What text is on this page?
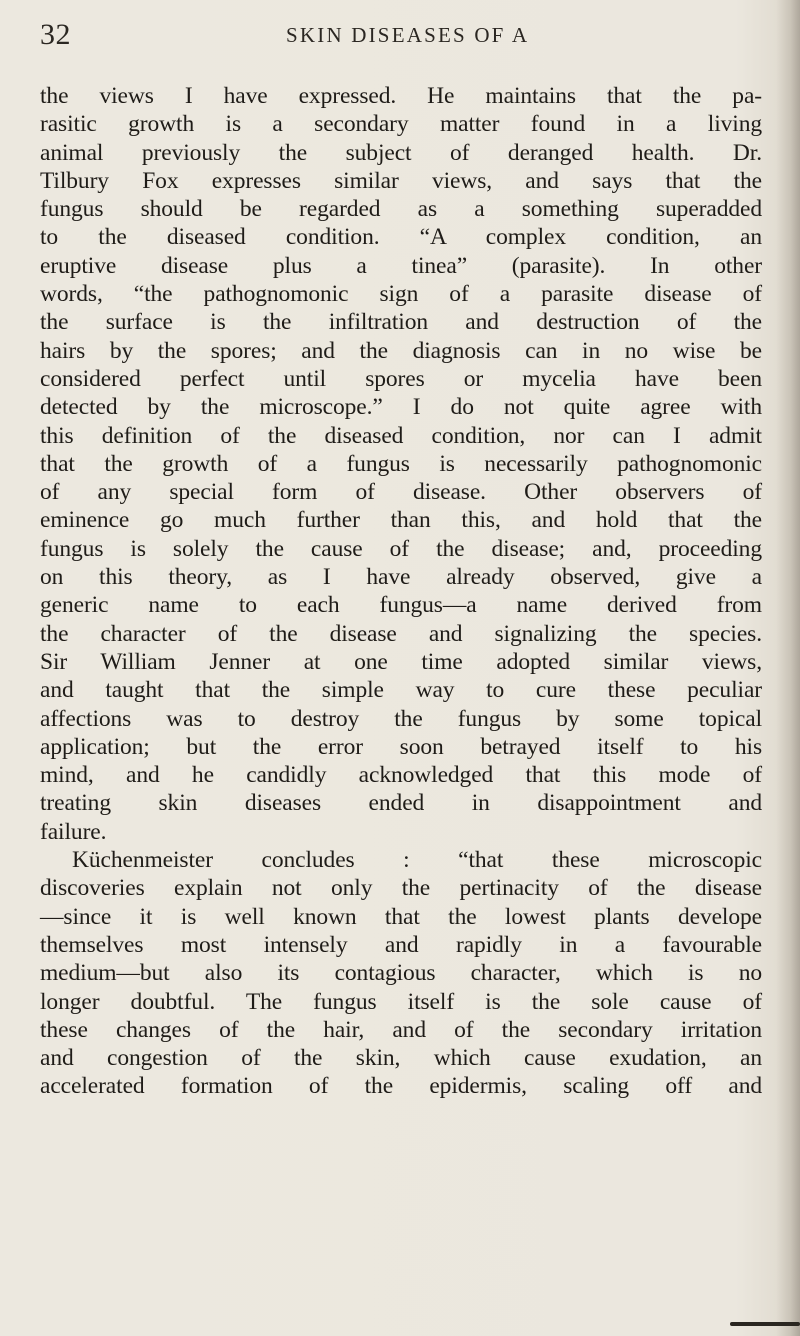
32	SKIN DISEASES OF A
the views I have expressed. He maintains that the pa-
rasitic growth is a secondary matter found in a living
animal previously the subject of deranged health. Dr.
Tilbury Fox expresses similar views, and says that the
fungus should be regarded as a something superadded
to the diseased condition. “A complex condition, an
eruptive disease plus a tinea” (parasite). In other
words, “the pathognomonic sign of a parasite disease of
the surface is the infiltration and destruction of the
hairs by the spores; and the diagnosis can in no wise be
considered perfect until spores or mycelia have been
detected by the microscope.” I do not quite agree with
this definition of the diseased condition, nor can I admit
that the growth of a fungus is necessarily pathognomonic
of any special form of disease. Other observers of
eminence go much further than this, and hold that the
fungus is solely the cause of the disease; and, proceeding
on this theory, as I have already observed, give a
generic name to each fungus—a name derived from
the character of the disease and signalizing the species.
Sir William Jenner at one time adopted similar views,
and taught that the simple way to cure these peculiar
affections was to destroy the fungus by some topical
application; but the error soon betrayed itself to his
mind, and he candidly acknowledged that this mode of
treating skin diseases ended in disappointment and
failure.
Küchenmeister concludes : “that these microscopic
discoveries explain not only the pertinacity of the disease
—since it is well known that the lowest plants develope
themselves most intensely and rapidly in a favourable
medium—but also its contagious character, which is no
longer doubtful. The fungus itself is the sole cause of
these changes of the hair, and of the secondary irritation
and congestion of the skin, which cause exudation, an
accelerated formation of the epidermis, scaling off and
